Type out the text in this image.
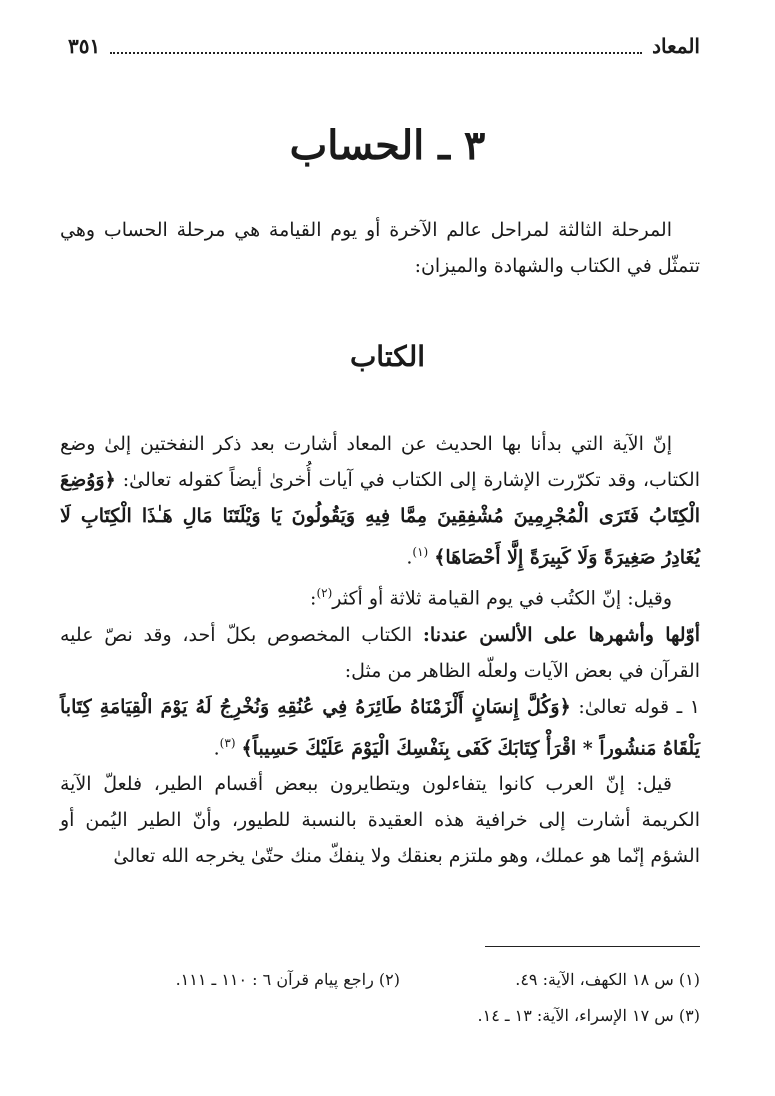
المعاد
٣٥١
٣ ـ الحساب

المرحلة الثالثة لمراحل عالم الآخرة أو يوم القيامة هي مرحلة الحساب وهي تتمثّل في الكتاب والشهادة والميزان:

الكتاب
إنّ الآية التي بدأنا بها الحديث عن المعاد أشارت بعد ذكر النفختين إلىٰ وضع الكتاب، وقد تكرّرت الإشارة إلى الكتاب في آيات أُخرىٰ أيضاً كقوله تعالىٰ: ﴿وَوُضِعَ الْكِتَابُ فَتَرَى الْمُجْرِمِينَ مُشْفِقِينَ مِمَّا فِيهِ وَيَقُولُونَ يَا وَيْلَتَنَا مَالِ هَـٰذَا الْكِتَابِ لَا يُغَادِرُ صَغِيرَةً وَلَا كَبِيرَةً إِلَّا أَحْصَاهَا﴾ $^{(١)}$.
وقيل: إنّ الكتُب في يوم القيامة ثلاثة أو أكثر$^{(٢)}$:
أوّلها وأشهرها على الألسن عندنا: الكتاب المخصوص بكلّ أحد، وقد نصّ عليه القرآن في بعض الآيات ولعلّه الظاهر من مثل:
١ ـ قوله تعالىٰ: ﴿وَكُلَّ إِنسَانٍ أَلْزَمْنَاهُ طَائِرَهُ فِي عُنُقِهِ وَنُخْرِجُ لَهُ يَوْمَ الْقِيَامَةِ كِتَاباً يَلْقَاهُ مَنشُوراً * اقْرَأْ كِتَابَكَ كَفَى بِنَفْسِكَ الْيَوْمَ عَلَيْكَ حَسِيباً﴾ $^{(٣)}$.
قيل: إنّ العرب كانوا يتفاءلون ويتطايرون ببعض أقسام الطير، فلعلّ الآية الكريمة أشارت إلى خرافية هذه العقيدة بالنسبة للطيور، وأنّ الطير اليُمن أو الشؤم إنّما هو عملك، وهو ملتزم بعنقك ولا ينفكّ منك حتّىٰ يخرجه الله تعالىٰ
(١) س ١٨ الكهف، الآية: ٤٩.
(٢) راجع پیام قرآن ٦ : ١١٠ ـ ١١١.
(٣) س ١٧ الإسراء، الآية: ١٣ ـ ١٤.
